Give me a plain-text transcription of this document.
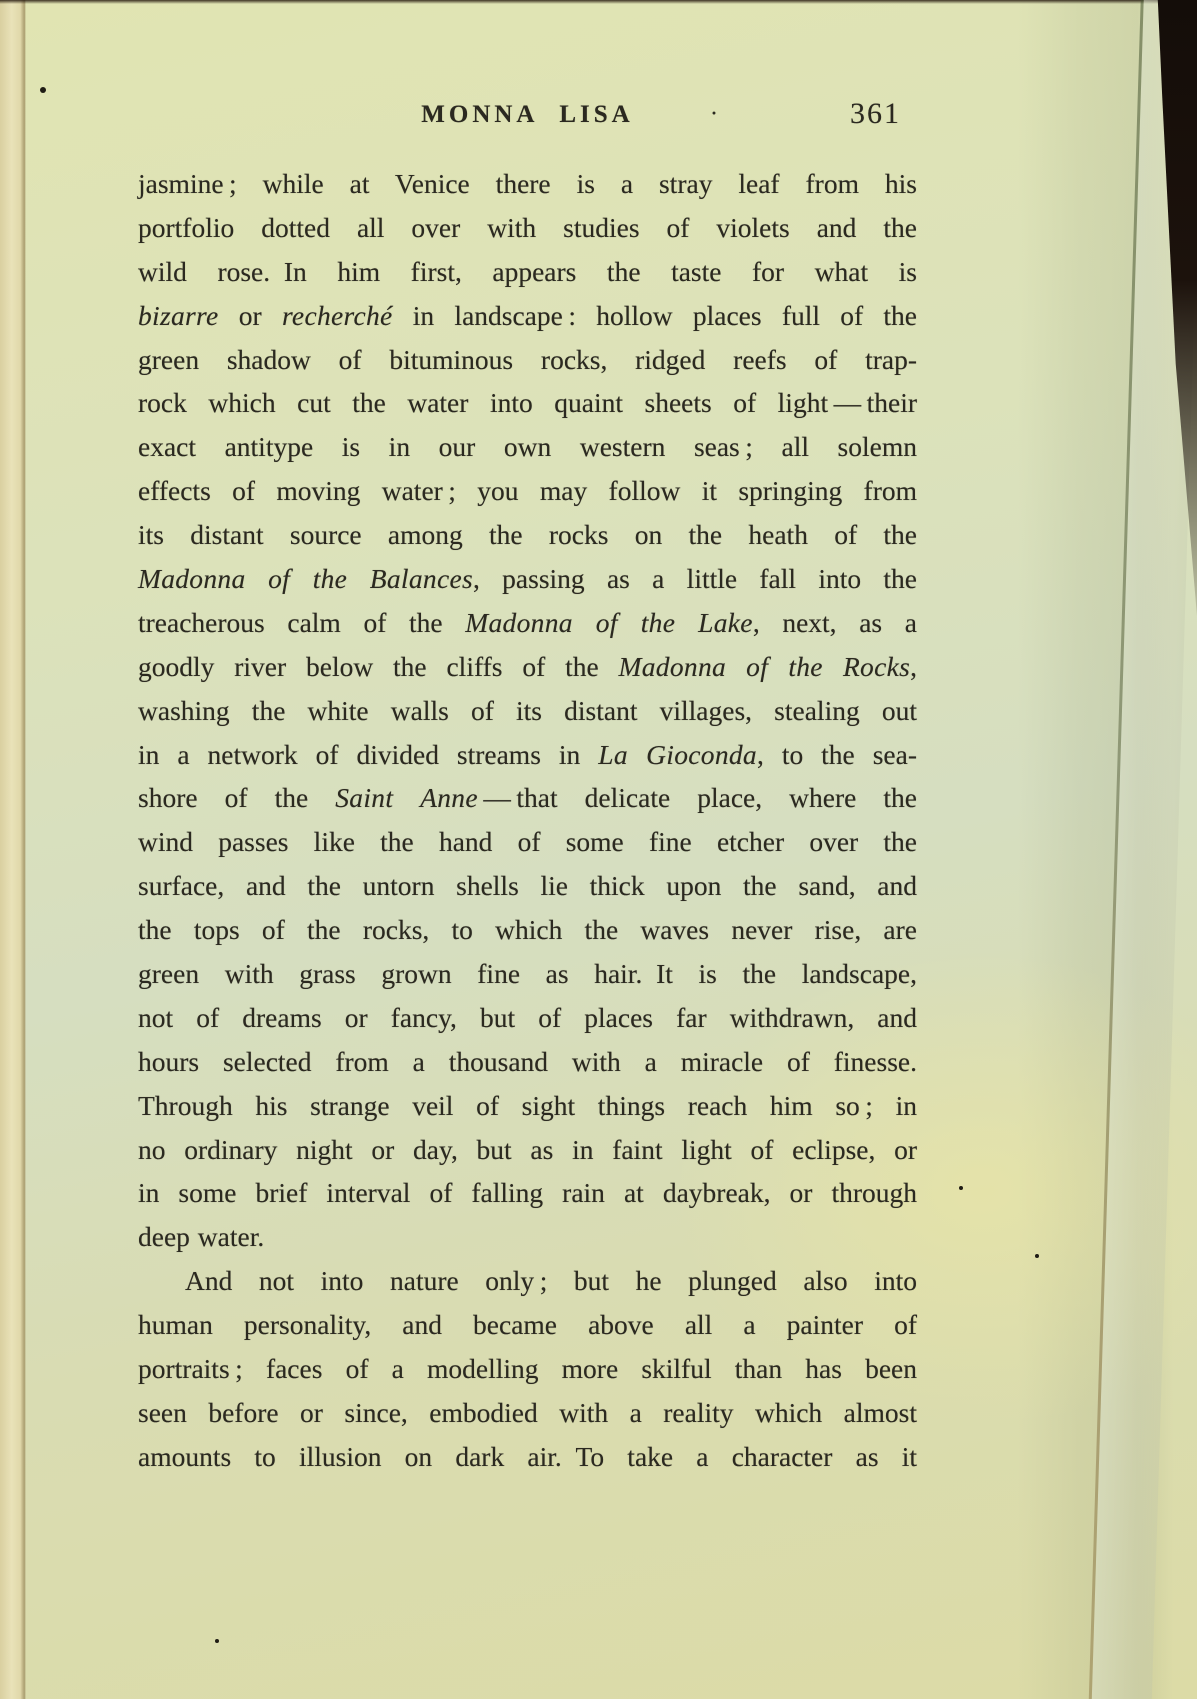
MONNA LISA	·	361
jasmine ; while at Venice there is a stray leaf from his
portfolio dotted all over with studies of violets and the
wild rose. In him first, appears the taste for what is
bizarre or recherché in landscape : hollow places full of the
green shadow of bituminous rocks, ridged reefs of trap-
rock which cut the water into quaint sheets of light — their
exact antitype is in our own western seas ; all solemn
effects of moving water ; you may follow it springing from
its distant source among the rocks on the heath of the
Madonna of the Balances, passing as a little fall into the
treacherous calm of the Madonna of the Lake, next, as a
goodly river below the cliffs of the Madonna of the Rocks,
washing the white walls of its distant villages, stealing out
in a network of divided streams in La Gioconda, to the sea-
shore of the Saint Anne — that delicate place, where the
wind passes like the hand of some fine etcher over the
surface, and the untorn shells lie thick upon the sand, and
the tops of the rocks, to which the waves never rise, are
green with grass grown fine as hair. It is the landscape,
not of dreams or fancy, but of places far withdrawn, and
hours selected from a thousand with a miracle of finesse.
Through his strange veil of sight things reach him so ; in
no ordinary night or day, but as in faint light of eclipse, or
in some brief interval of falling rain at daybreak, or through
deep water.
And not into nature only ; but he plunged also into
human personality, and became above all a painter of
portraits ; faces of a modelling more skilful than has been
seen before or since, embodied with a reality which almost
amounts to illusion on dark air. To take a character as it
